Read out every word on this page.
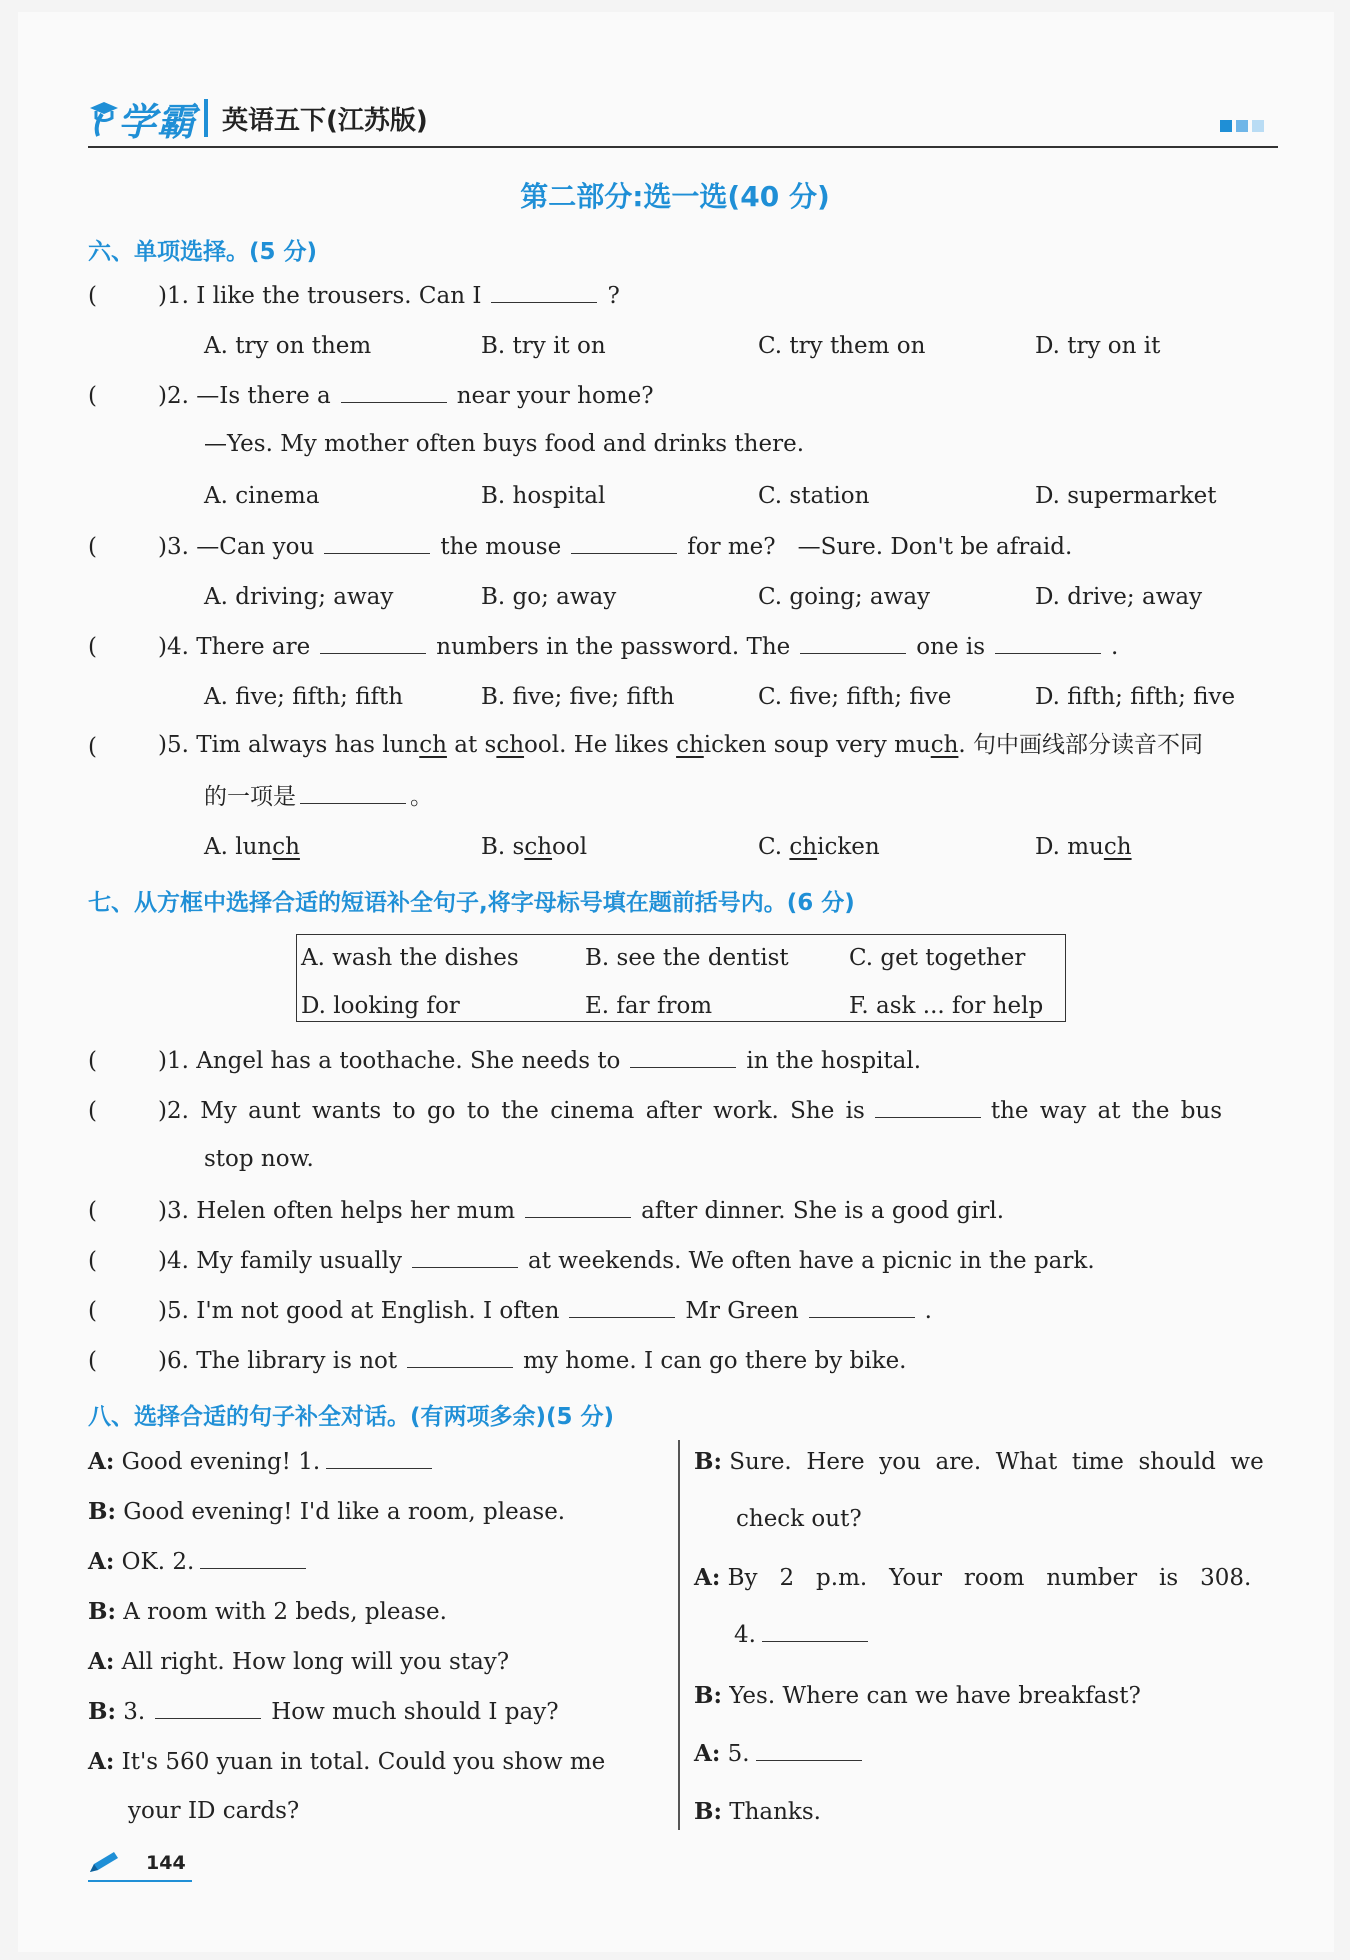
学霸 英语五下(江苏版)
第二部分:选一选(40 分)
六、单项选择。(5 分)
(	)1. I like the trousers. Can I	?
A. try on them	B. try it on	C. try them on	D. try on it
(	)2. —Is there a	near your home?
—Yes. My mother often buys food and drinks there.
A. cinema	B. hospital	C. station	D. supermarket
(	)3. —Can you	the mouse	for me? —Sure. Don't be afraid.
A. driving; away	B. go; away	C. going; away	D. drive; away
(	)4. There are	numbers in the password. The	one is	.
A. five; fifth; fifth	B. five; five; fifth	C. five; fifth; five	D. fifth; fifth; five
(	)5. Tim always has lunch at school. He likes chicken soup very much. 句中画线部分读音不同
的一项是	。
A. lunch	B. school	C. chicken	D. much
七、从方框中选择合适的短语补全句子,将字母标号填在题前括号内。(6 分)
A. wash the dishes	B. see the dentist	C. get together
D. looking for	E. far from	F. ask ... for help
(	)1. Angel has a toothache. She needs to	in the hospital.
(	)2. My aunt wants to go to the cinema after work. She is	the way at the bus
stop now.
(	)3. Helen often helps her mum	after dinner. She is a good girl.
(	)4. My family usually	at weekends. We often have a picnic in the park.
(	)5. I'm not good at English. I often	Mr Green	.
(	)6. The library is not	my home. I can go there by bike.
八、选择合适的句子补全对话。(有两项多余)(5 分)
A: Good evening! 1.
B: Good evening! I'd like a room, please.
A: OK. 2.
B: A room with 2 beds, please.
A: All right. How long will you stay?
B: 3.	How much should I pay?
A: It's 560 yuan in total. Could you show me
your ID cards?
B: Sure.  Here  you  are.  What  time  should  we
check out?
A: By   2   p.m.   Your   room   number   is   308.
4.
B: Yes. Where can we have breakfast?
A: 5.
B: Thanks.
144
